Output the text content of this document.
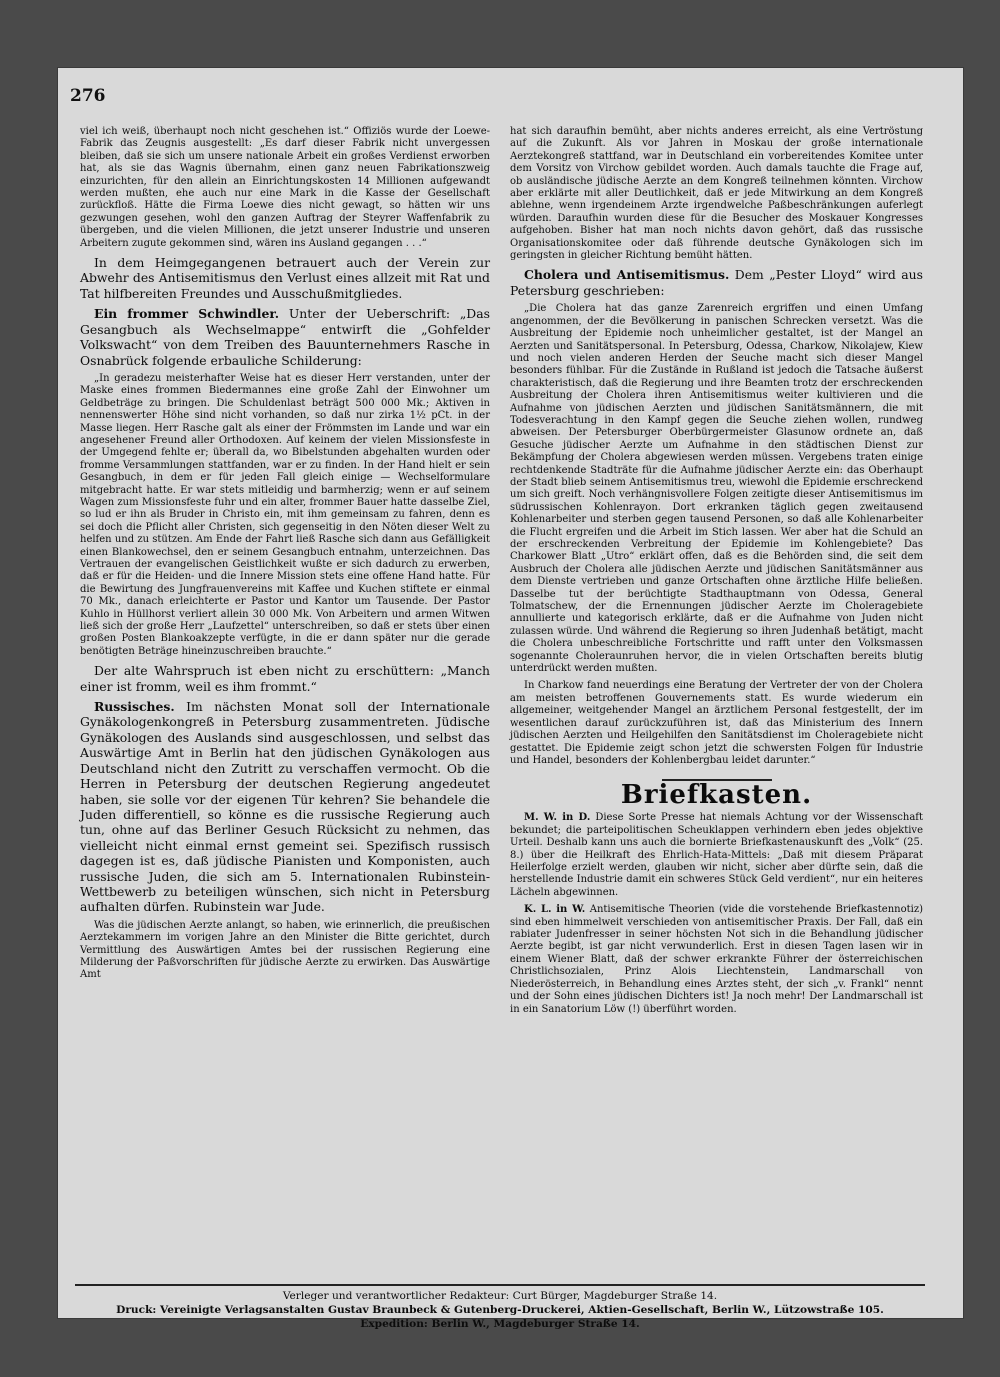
276

viel ich weiß, überhaupt noch nicht geschehen ist.“ Offiziös wurde der Loewe-Fabrik das Zeugnis ausgestellt: „Es darf dieser Fabrik nicht unvergessen bleiben, daß sie sich um unsere nationale Arbeit ein großes Verdienst erworben hat, als sie das Wagnis übernahm, einen ganz neuen Fabrikationszweig einzurichten, für den allein an Einrichtungskosten 14 Millionen aufgewandt werden mußten, ehe auch nur eine Mark in die Kasse der Gesellschaft zurückfloß. Hätte die Firma Loewe dies nicht gewagt, so hätten wir uns gezwungen gesehen, wohl den ganzen Auftrag der Steyrer Waffenfabrik zu übergeben, und die vielen Millionen, die jetzt unserer Industrie und unseren Arbeitern zugute gekommen sind, wären ins Ausland gegangen . . .“

In dem Heimgegangenen betrauert auch der Verein zur Abwehr des Antisemitismus den Verlust eines allzeit mit Rat und Tat hilfbereiten Freundes und Ausschußmitgliedes.

Ein frommer Schwindler. Unter der Ueberschrift: „Das Gesangbuch als Wechselmappe“ entwirft die „Gohfelder Volkswacht“ von dem Treiben des Bauunternehmers Rasche in Osnabrück folgende erbauliche Schilderung:

„In geradezu meisterhafter Weise hat es dieser Herr verstanden, unter der Maske eines frommen Biedermannes eine große Zahl der Einwohner um Geldbeträge zu bringen. Die Schuldenlast beträgt 500 000 Mk.; Aktiven in nennenswerter Höhe sind nicht vorhanden, so daß nur zirka 1½ pCt. in der Masse liegen. Herr Rasche galt als einer der Frömmsten im Lande und war ein angesehener Freund aller Orthodoxen. Auf keinem der vielen Missionsfeste in der Umgegend fehlte er; überall da, wo Bibelstunden abgehalten wurden oder fromme Versammlungen stattfanden, war er zu finden. In der Hand hielt er sein Gesangbuch, in dem er für jeden Fall gleich einige — Wechselformulare mitgebracht hatte. Er war stets mitleidig und barmherzig; wenn er auf seinem Wagen zum Missionsfeste fuhr und ein alter, frommer Bauer hatte dasselbe Ziel, so lud er ihn als Bruder in Christo ein, mit ihm gemeinsam zu fahren, denn es sei doch die Pflicht aller Christen, sich gegenseitig in den Nöten dieser Welt zu helfen und zu stützen. Am Ende der Fahrt ließ Rasche sich dann aus Gefälligkeit einen Blankowechsel, den er seinem Gesangbuch entnahm, unterzeichnen. Das Vertrauen der evangelischen Geistlichkeit wußte er sich dadurch zu erwerben, daß er für die Heiden- und die Innere Mission stets eine offene Hand hatte. Für die Bewirtung des Jungfrauenvereins mit Kaffee und Kuchen stiftete er einmal 70 Mk., danach erleichterte er Pastor und Kantor um Tausende. Der Pastor Kuhlo in Hüllhorst verliert allein 30 000 Mk. Von Arbeitern und armen Witwen ließ sich der große Herr „Laufzettel“ unterschreiben, so daß er stets über einen großen Posten Blankoakzepte verfügte, in die er dann später nur die gerade benötigten Beträge hineinzuschreiben brauchte.“

Der alte Wahrspruch ist eben nicht zu erschüttern: „Manch einer ist fromm, weil es ihm frommt.“

Russisches. Im nächsten Monat soll der Internationale Gynäkologenkongreß in Petersburg zusammentreten. Jüdische Gynäkologen des Auslands sind ausgeschlossen, und selbst das Auswärtige Amt in Berlin hat den jüdischen Gynäkologen aus Deutschland nicht den Zutritt zu verschaffen vermocht. Ob die Herren in Petersburg der deutschen Regierung angedeutet haben, sie solle vor der eigenen Tür kehren? Sie behandele die Juden differentiell, so könne es die russische Regierung auch tun, ohne auf das Berliner Gesuch Rücksicht zu nehmen, das vielleicht nicht einmal ernst gemeint sei. Spezifisch russisch dagegen ist es, daß jüdische Pianisten und Komponisten, auch russische Juden, die sich am 5. Internationalen Rubinstein-Wettbewerb zu beteiligen wünschen, sich nicht in Petersburg aufhalten dürfen. Rubinstein war Jude.

Was die jüdischen Aerzte anlangt, so haben, wie erinnerlich, die preußischen Aerztekammern im vorigen Jahre an den Minister die Bitte gerichtet, durch Vermittlung des Auswärtigen Amtes bei der russischen Regierung eine Milderung der Paßvorschriften für jüdische Aerzte zu erwirken. Das Auswärtige Amt

hat sich daraufhin bemüht, aber nichts anderes erreicht, als eine Vertröstung auf die Zukunft. Als vor Jahren in Moskau der große internationale Aerztekongreß stattfand, war in Deutschland ein vorbereitendes Komitee unter dem Vorsitz von Virchow gebildet worden. Auch damals tauchte die Frage auf, ob ausländische jüdische Aerzte an dem Kongreß teilnehmen könnten. Virchow aber erklärte mit aller Deutlichkeit, daß er jede Mitwirkung an dem Kongreß ablehne, wenn irgendeinem Arzte irgendwelche Paßbeschränkungen auferlegt würden. Daraufhin wurden diese für die Besucher des Moskauer Kongresses aufgehoben. Bisher hat man noch nichts davon gehört, daß das russische Organisationskomitee oder daß führende deutsche Gynäkologen sich im geringsten in gleicher Richtung bemüht hätten.

Cholera und Antisemitismus. Dem „Pester Lloyd“ wird aus Petersburg geschrieben:

„Die Cholera hat das ganze Zarenreich ergriffen und einen Umfang angenommen, der die Bevölkerung in panischen Schrecken versetzt. Was die Ausbreitung der Epidemie noch unheimlicher gestaltet, ist der Mangel an Aerzten und Sanitätspersonal. In Petersburg, Odessa, Charkow, Nikolajew, Kiew und noch vielen anderen Herden der Seuche macht sich dieser Mangel besonders fühlbar. Für die Zustände in Rußland ist jedoch die Tatsache äußerst charakteristisch, daß die Regierung und ihre Beamten trotz der erschreckenden Ausbreitung der Cholera ihren Antisemitismus weiter kultivieren und die Aufnahme von jüdischen Aerzten und jüdischen Sanitätsmännern, die mit Todesverachtung in den Kampf gegen die Seuche ziehen wollen, rundweg abweisen. Der Petersburger Oberbürgermeister Glasunow ordnete an, daß Gesuche jüdischer Aerzte um Aufnahme in den städtischen Dienst zur Bekämpfung der Cholera abgewiesen werden müssen. Vergebens traten einige rechtdenkende Stadträte für die Aufnahme jüdischer Aerzte ein: das Oberhaupt der Stadt blieb seinem Antisemitismus treu, wiewohl die Epidemie erschreckend um sich greift. Noch verhängnisvollere Folgen zeitigte dieser Antisemitismus im südrussischen Kohlenrayon. Dort erkranken täglich gegen zweitausend Kohlenarbeiter und sterben gegen tausend Personen, so daß alle Kohlenarbeiter die Flucht ergreifen und die Arbeit im Stich lassen. Wer aber hat die Schuld an der erschreckenden Verbreitung der Epidemie im Kohlengebiete? Das Charkower Blatt „Utro“ erklärt offen, daß es die Behörden sind, die seit dem Ausbruch der Cholera alle jüdischen Aerzte und jüdischen Sanitätsmänner aus dem Dienste vertrieben und ganze Ortschaften ohne ärztliche Hilfe beließen. Dasselbe tut der berüchtigte Stadthauptmann von Odessa, General Tolmatschew, der die Ernennungen jüdischer Aerzte im Choleragebiete annullierte und kategorisch erklärte, daß er die Aufnahme von Juden nicht zulassen würde. Und während die Regierung so ihren Judenhaß betätigt, macht die Cholera unbeschreibliche Fortschritte und rafft unter den Volksmassen sogenannte Choleraunruhen hervor, die in vielen Ortschaften bereits blutig unterdrückt werden mußten.

In Charkow fand neuerdings eine Beratung der Vertreter der von der Cholera am meisten betroffenen Gouvernements statt. Es wurde wiederum ein allgemeiner, weitgehender Mangel an ärztlichem Personal festgestellt, der im wesentlichen darauf zurückzuführen ist, daß das Ministerium des Innern jüdischen Aerzten und Heilgehilfen den Sanitätsdienst im Choleragebiete nicht gestattet. Die Epidemie zeigt schon jetzt die schwersten Folgen für Industrie und Handel, besonders der Kohlenbergbau leidet darunter.“

Briefkasten.

M. W. in D. Diese Sorte Presse hat niemals Achtung vor der Wissenschaft bekundet; die parteipolitischen Scheuklappen verhindern eben jedes objektive Urteil. Deshalb kann uns auch die bornierte Briefkastenauskunft des „Volk“ (25. 8.) über die Heilkraft des Ehrlich-Hata-Mittels: „Daß mit diesem Präparat Heilerfolge erzielt werden, glauben wir nicht, sicher aber dürfte sein, daß die herstellende Industrie damit ein schweres Stück Geld verdient“, nur ein heiteres Lächeln abgewinnen.

K. L. in W. Antisemitische Theorien (vide die vorstehende Briefkastennotiz) sind eben himmelweit verschieden von antisemitischer Praxis. Der Fall, daß ein rabiater Judenfresser in seiner höchsten Not sich in die Behandlung jüdischer Aerzte begibt, ist gar nicht verwunderlich. Erst in diesen Tagen lasen wir in einem Wiener Blatt, daß der schwer erkrankte Führer der österreichischen Christlichsozialen, Prinz Alois Liechtenstein, Landmarschall von Niederösterreich, in Behandlung eines Arztes steht, der sich „v. Frankl“ nennt und der Sohn eines jüdischen Dichters ist! Ja noch mehr! Der Landmarschall ist in ein Sanatorium Löw (!) überführt worden.

Verleger und verantwortlicher Redakteur: Curt Bürger, Magdeburger Straße 14.
Druck: Vereinigte Verlagsanstalten Gustav Braunbeck & Gutenberg-Druckerei, Aktien-Gesellschaft, Berlin W., Lützowstraße 105.
Expedition: Berlin W., Magdeburger Straße 14.
